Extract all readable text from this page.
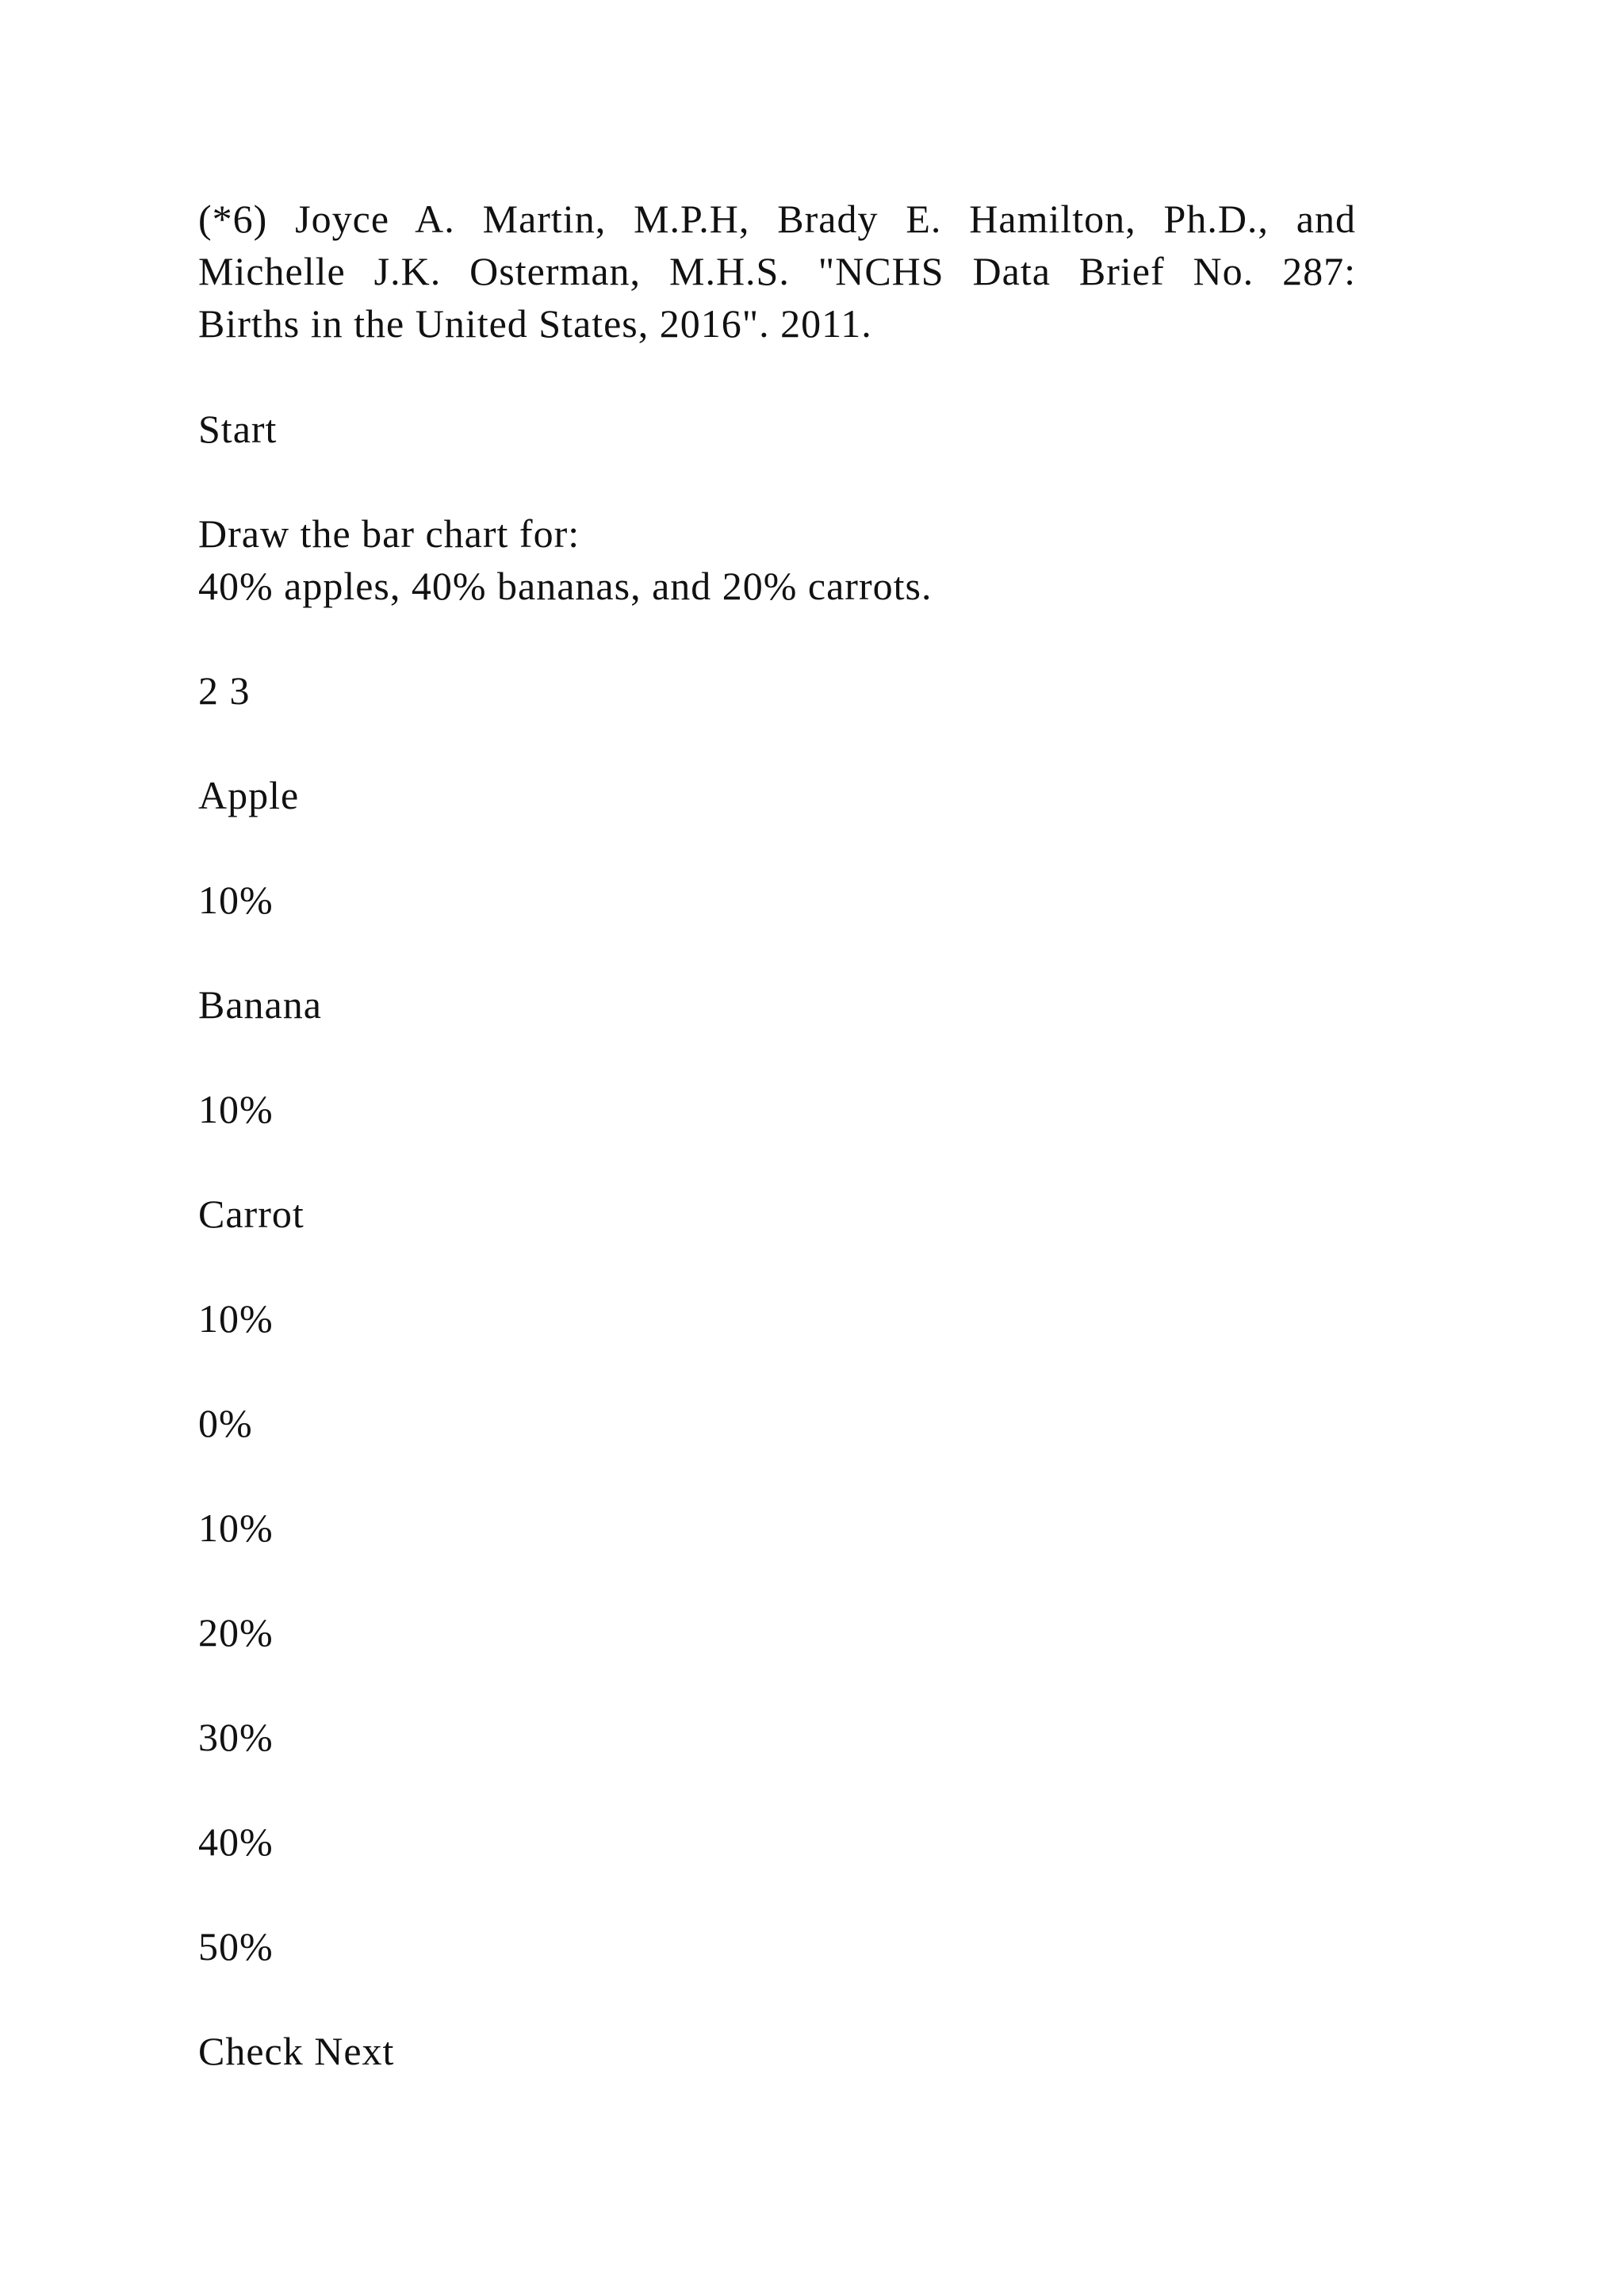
(*6) Joyce A. Martin, M.P.H, Brady E. Hamilton, Ph.D., and
Michelle J.K. Osterman, M.H.S. "NCHS Data Brief No. 287:
Births in the United States, 2016". 2011.

Start

Draw the bar chart for:

40% apples, 40% bananas, and 20% carrots.

2 3

Apple

10%

Banana

10%

Carrot

10%

0%

10%

20%

30%

40%

50%

Check Next
